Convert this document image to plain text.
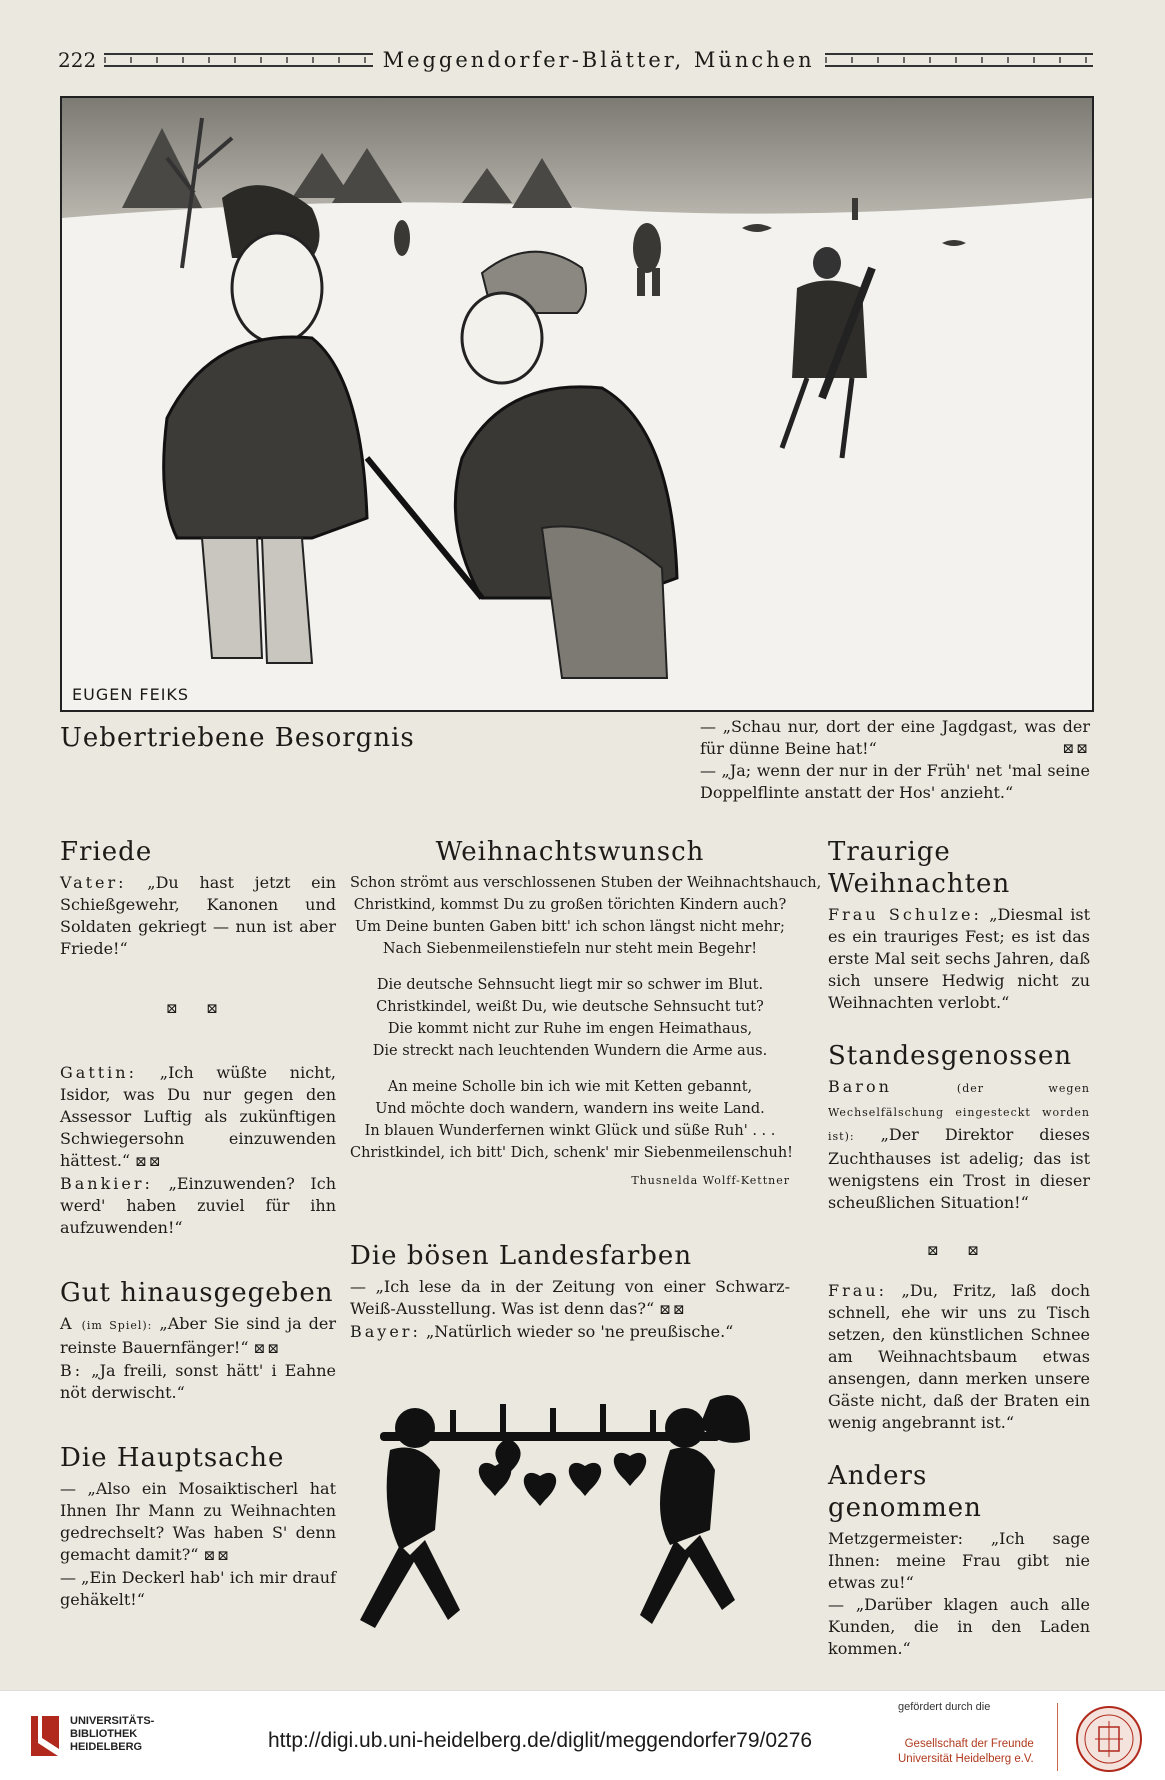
222	Meggendorfer-Blätter, München
EUGEN FEIKS
Uebertriebene Besorgnis	— „Schau nur, dort der eine Jagdgast, was der für dünne Beine hat!“	⊠⊠

— „Ja; wenn der nur in der Früh' net 'mal seine Doppelflinte anstatt der Hos' anzieht.“

Friede

Vater: „Du hast jetzt ein Schießgewehr, Kanonen und Soldaten gekriegt — nun ist aber Friede!“

⊠ ⊠

Gattin: „Ich wüßte nicht, Isidor, was Du nur gegen den Assessor Luftig als zukünftigen Schwiegersohn einzuwenden hättest.“ ⊠⊠

Bankier: „Einzuwenden? Ich werd' haben zuviel für ihn aufzuwenden!“

Gut hinausgegeben

A (im Spiel): „Aber Sie sind ja der reinste Bauernfänger!“ ⊠⊠

B: „Ja freili, sonst hätt' i Eahne nöt derwischt.“

Die Hauptsache

— „Also ein Mosaiktischerl hat Ihnen Ihr Mann zu Weihnachten gedrechselt? Was haben S' denn gemacht damit?“ ⊠⊠

— „Ein Deckerl hab' ich mir drauf gehäkelt!“

Weihnachtswunsch

Schon strömt aus verschlossenen Stuben der Weihnachtshauch,

Christkind, kommst Du zu großen törichten Kindern auch?

Um Deine bunten Gaben bitt' ich schon längst nicht mehr;

Nach Siebenmeilenstiefeln nur steht mein Begehr!

Die deutsche Sehnsucht liegt mir so schwer im Blut.

Christkindel, weißt Du, wie deutsche Sehnsucht tut?

Die kommt nicht zur Ruhe im engen Heimathaus,

Die streckt nach leuchtenden Wundern die Arme aus.

An meine Scholle bin ich wie mit Ketten gebannt,

Und möchte doch wandern, wandern ins weite Land.

In blauen Wunderfernen winkt Glück und süße Ruh' . . .

Christkindel, ich bitt' Dich, schenk' mir Siebenmeilenschuh!

Thusnelda Wolff-Kettner
Die bösen Landesfarben

— „Ich lese da in der Zeitung von einer Schwarz-Weiß-Ausstellung. Was ist denn das?“ ⊠⊠

Bayer: „Natürlich wieder so 'ne preußische.“

Traurige Weihnachten

Frau Schulze: „Diesmal ist es ein trauriges Fest; es ist das erste Mal seit sechs Jahren, daß sich unsere Hedwig nicht zu Weihnachten verlobt.“

Standesgenossen

Baron	(der wegen Wechselfälschung eingesteckt worden ist): „Der Direktor dieses Zuchthauses ist adelig; das ist wenigstens ein Trost in dieser scheußlichen Situation!“

⊠ ⊠

Frau: „Du, Fritz, laß doch schnell, ehe wir uns zu Tisch setzen, den künstlichen Schnee am Weihnachtsbaum etwas ansengen, dann merken unsere Gäste nicht, daß der Braten ein wenig angebrannt ist.“

Anders genommen

Metzgermeister: „Ich sage Ihnen: meine Frau gibt nie etwas zu!“

— „Darüber klagen auch alle Kunden, die in den Laden kommen.“

UNIVERSITÄTS-
BIBLIOTHEK
HEIDELBERG	http://digi.ub.uni-heidelberg.de/diglit/meggendorfer79/0276
gefördert durch die
Gesellschaft der Freunde
Universität Heidelberg e.V.
